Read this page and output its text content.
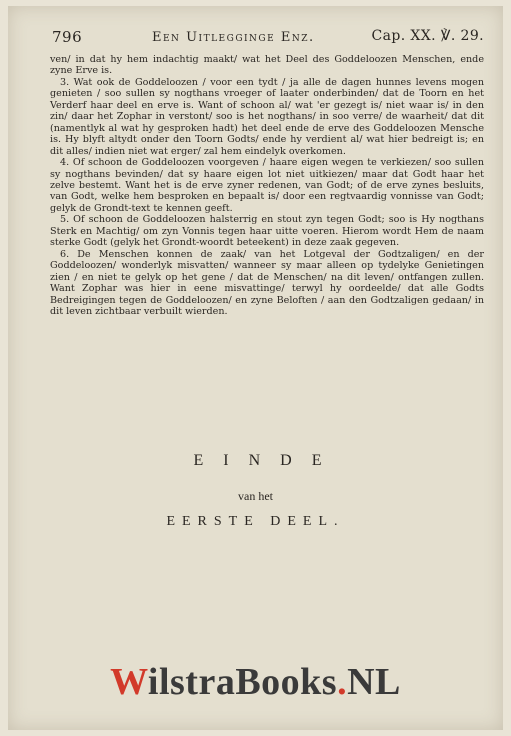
796	Een Uitlegginge Enz.	Cap. XX. ℣. 29.

ven/ in dat hy hem indachtig maakt/ wat het Deel des Goddeloozen Menschen, ende zyne Erve is.

3. Wat ook de Goddeloozen / voor een tydt / ja alle de dagen hunnes levens mogen genieten / soo sullen sy nogthans vroeger of laater onderbinden/ dat de Toorn en het Verderf haar deel en erve is. Want of schoon al/ wat 'er gezegt is/ niet waar is/ in den zin/ daar het Zophar in verstont/ soo is het nogthans/ in soo verre/ de waarheit/ dat dit (namentlyk al wat hy gesproken hadt) het deel ende de erve des Goddeloozen Mensche is. Hy blyft altydt onder den Toorn Godts/ ende hy verdient al/ wat hier bedreigt is; en dit alles/ indien niet wat erger/ zal hem eindelyk overkomen.

4. Of schoon de Goddeloozen voorgeven / haare eigen wegen te verkiezen/ soo sullen sy nogthans bevinden/ dat sy haare eigen lot niet uitkiezen/ maar dat Godt haar het zelve bestemt. Want het is de erve zyner redenen, van Godt; of de erve zynes besluits, van Godt, welke hem besproken en bepaalt is/ door een regtvaardig vonnisse van Godt; gelyk de Grondt-text te kennen geeft.

5. Of schoon de Goddeloozen halsterrig en stout zyn tegen Godt; soo is Hy nogthans Sterk en Machtig/ om zyn Vonnis tegen haar uitte voeren. Hierom wordt Hem de naam sterke Godt (gelyk het Grondt-woordt beteekent) in deze zaak gegeven.

6. De Menschen konnen de zaak/ van het Lotgeval der Godtzaligen/ en der Goddeloozen/ wonderlyk misvatten/ wanneer sy maar alleen op tydelyke Genietingen zien / en niet te gelyk op het gene / dat de Menschen/ na dit leven/ ontfangen zullen. Want Zophar was hier in eene misvattinge/ terwyl hy oordeelde/ dat alle Godts Bedreigingen tegen de Goddeloozen/ en zyne Beloften / aan den Godtzaligen gedaan/ in dit leven zichtbaar verbuilt wierden.

EINDE
van het
EERSTE DEEL.
WilstraBooks.NL
